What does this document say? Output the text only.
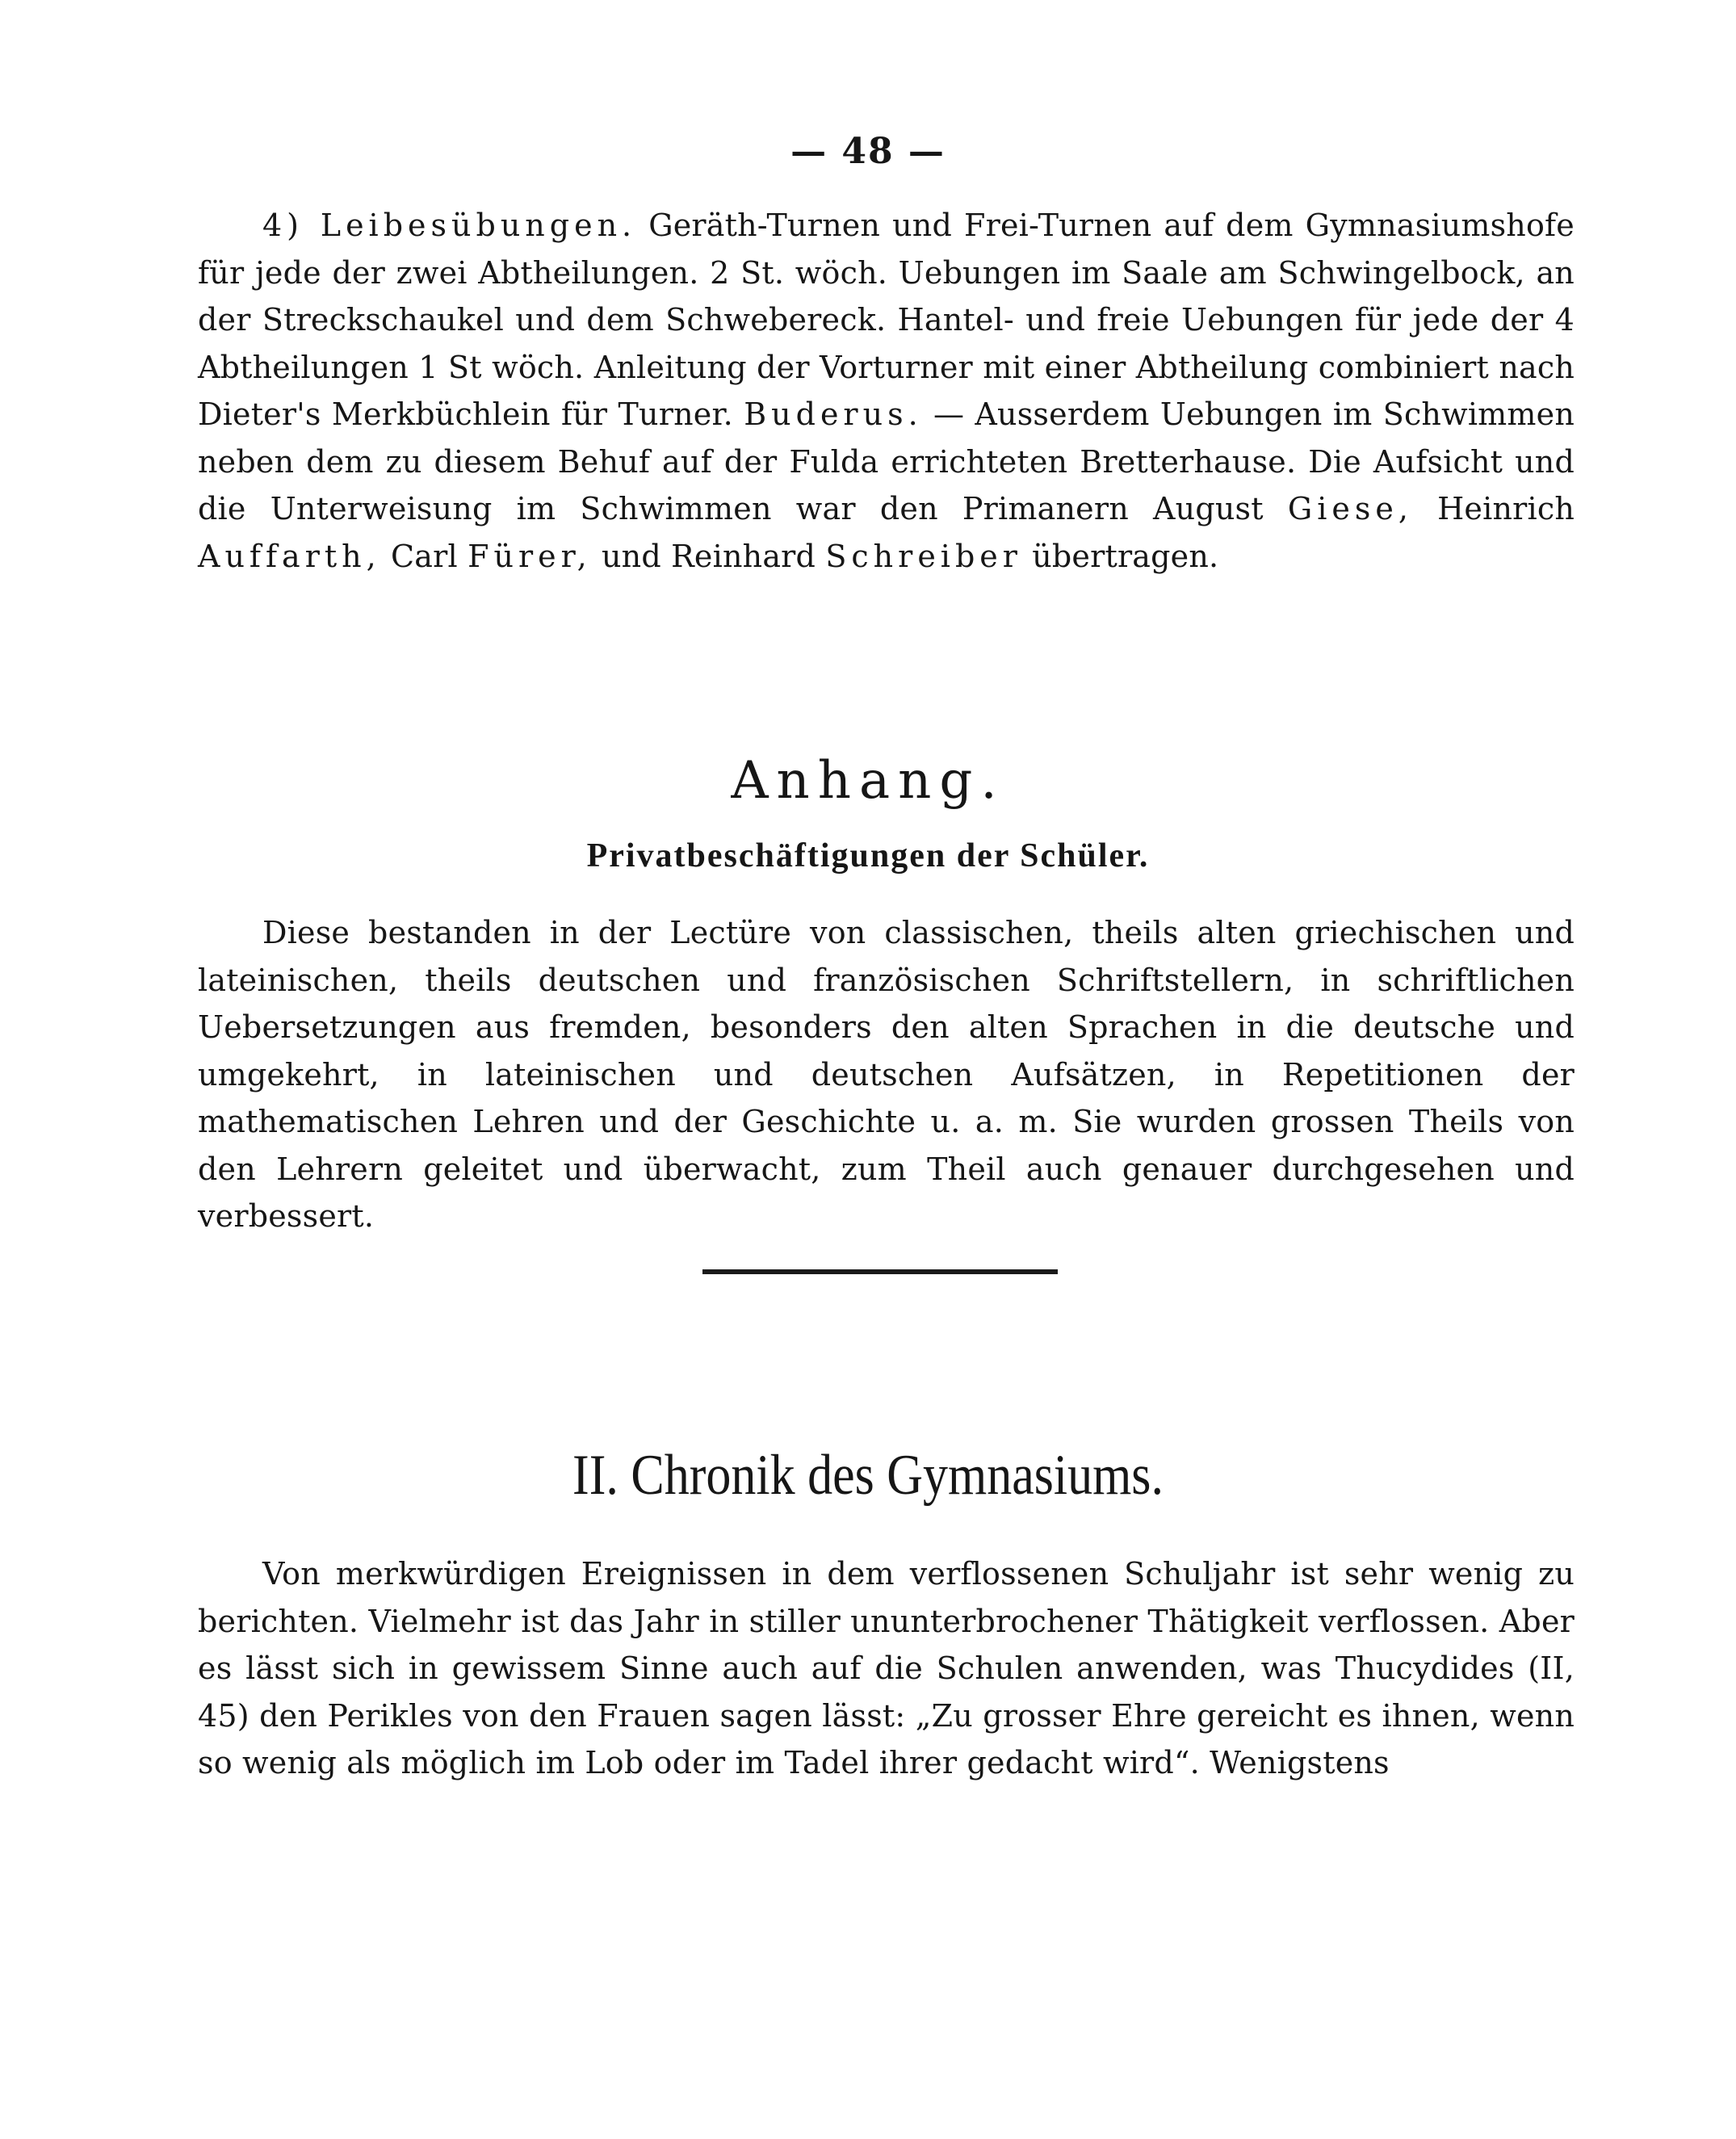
— 48 —

4) Leibesübungen. Geräth-Turnen und Frei-Turnen auf dem Gymnasiumshofe für jede der zwei Abtheilungen. 2 St. wöch. Uebungen im Saale am Schwingelbock, an der Streckschaukel und dem Schwebereck. Hantel- und freie Uebungen für jede der 4 Abtheilungen 1 St wöch. Anleitung der Vorturner mit einer Abtheilung combiniert nach Dieter's Merkbüchlein für Turner. Buderus. — Ausserdem Uebungen im Schwimmen neben dem zu diesem Behuf auf der Fulda errichteten Bretterhause. Die Aufsicht und die Unterweisung im Schwimmen war den Primanern August Giese, Heinrich Auffarth, Carl Fürer, und Reinhard Schreiber übertragen.

Anhang.
Privatbeschäftigungen der Schüler.

Diese bestanden in der Lectüre von classischen, theils alten griechischen und lateinischen, theils deutschen und französischen Schriftstellern, in schriftlichen Uebersetzungen aus fremden, besonders den alten Sprachen in die deutsche und umgekehrt, in lateinischen und deutschen Aufsätzen, in Repetitionen der mathematischen Lehren und der Geschichte u. a. m. Sie wurden grossen Theils von den Lehrern geleitet und überwacht, zum Theil auch genauer durchgesehen und verbessert.

II. Chronik des Gymnasiums.

Von merkwürdigen Ereignissen in dem verflossenen Schuljahr ist sehr wenig zu berichten. Vielmehr ist das Jahr in stiller ununterbrochener Thätigkeit verflossen. Aber es lässt sich in gewissem Sinne auch auf die Schulen anwenden, was Thucydides (II, 45) den Perikles von den Frauen sagen lässt: „Zu grosser Ehre gereicht es ihnen, wenn so wenig als möglich im Lob oder im Tadel ihrer gedacht wird“. Wenigstens
